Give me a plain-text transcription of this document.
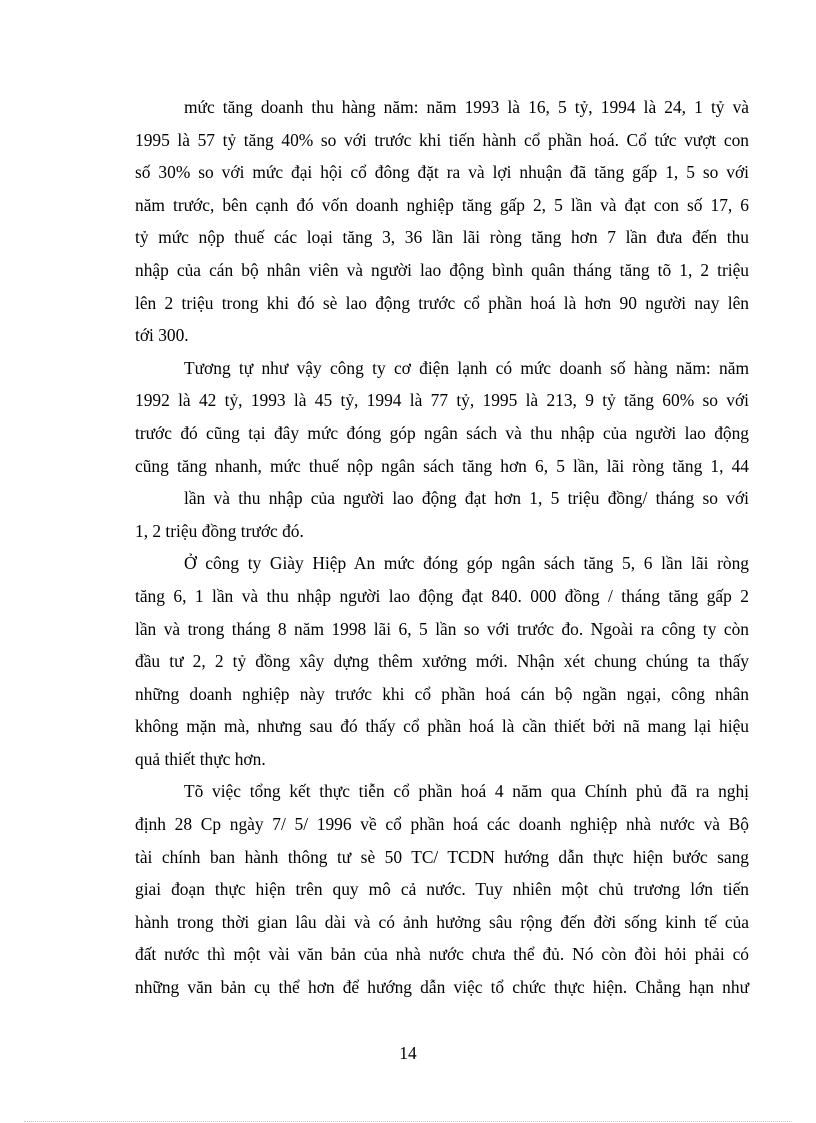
mức tăng doanh thu hàng năm: năm 1993 là 16, 5 tỷ, 1994 là 24, 1 tỷ và
1995 là 57 tỷ tăng 40% so với trước khi tiến hành cổ phần hoá. Cổ tức vượt con
số 30% so với mức đại hội cổ đông đặt ra và lợi nhuận đã tăng gấp 1, 5 so với
năm trước, bên cạnh đó vốn doanh nghiệp tăng gấp 2, 5 lần và đạt con số 17, 6
tỷ mức nộp thuế các loại tăng 3, 36 lần lãi ròng tăng hơn 7 lần đưa đến thu
nhập của cán bộ nhân viên và người lao động bình quân tháng tăng tõ 1, 2 triệu
lên 2 triệu trong khi đó sè lao động trước cổ phần hoá là hơn 90 người nay lên
tới 300.
Tương tự như vậy công ty cơ điện lạnh có mức doanh số hàng năm: năm
1992 là 42 tỷ, 1993 là 45 tỷ, 1994 là 77 tỷ, 1995 là 213, 9 tỷ tăng 60% so với
trước đó cũng tại đây mức đóng góp ngân sách và thu nhập của người lao động
cũng tăng nhanh, mức thuế nộp ngân sách tăng hơn 6, 5 lần, lãi ròng tăng 1, 44
lần và thu nhập của người lao động đạt hơn 1, 5 triệu đồng/ tháng so với
1, 2 triệu đồng trước đó.
Ở công ty Giày Hiệp An mức đóng góp ngân sách tăng 5, 6 lần lãi ròng
tăng 6, 1 lần và thu nhập người lao động đạt 840. 000 đồng / tháng tăng gấp 2
lần và trong tháng 8 năm 1998 lãi 6, 5 lần so với trước đo. Ngoài ra công ty còn
đầu tư 2, 2 tỷ đồng xây dựng thêm xưởng mới. Nhận xét chung chúng ta thấy
những doanh nghiệp này trước khi cổ phần hoá cán bộ ngần ngại, công nhân
không mặn mà, nhưng sau đó thấy cổ phần hoá là cần thiết bởi nã mang lại hiệu
quả thiết thực hơn.
Tõ việc tổng kết thực tiễn cổ phần hoá 4 năm qua Chính phủ đã ra nghị
định 28 Cp ngày 7/ 5/ 1996 về cổ phần hoá các doanh nghiệp nhà nước và Bộ
tài chính ban hành thông tư sè 50 TC/ TCDN hướng dẫn thực hiện bước sang
giai đoạn thực hiện trên quy mô cả nước. Tuy nhiên một chủ trương lớn tiến
hành trong thời gian lâu dài và có ảnh hưởng sâu rộng đến đời sống kinh tế của
đất nước thì một vài văn bản của nhà nước chưa thể đủ. Nó còn đòi hỏi phải có
những văn bản cụ thể hơn để hướng dẫn việc tổ chức thực hiện. Chẳng hạn như
14
